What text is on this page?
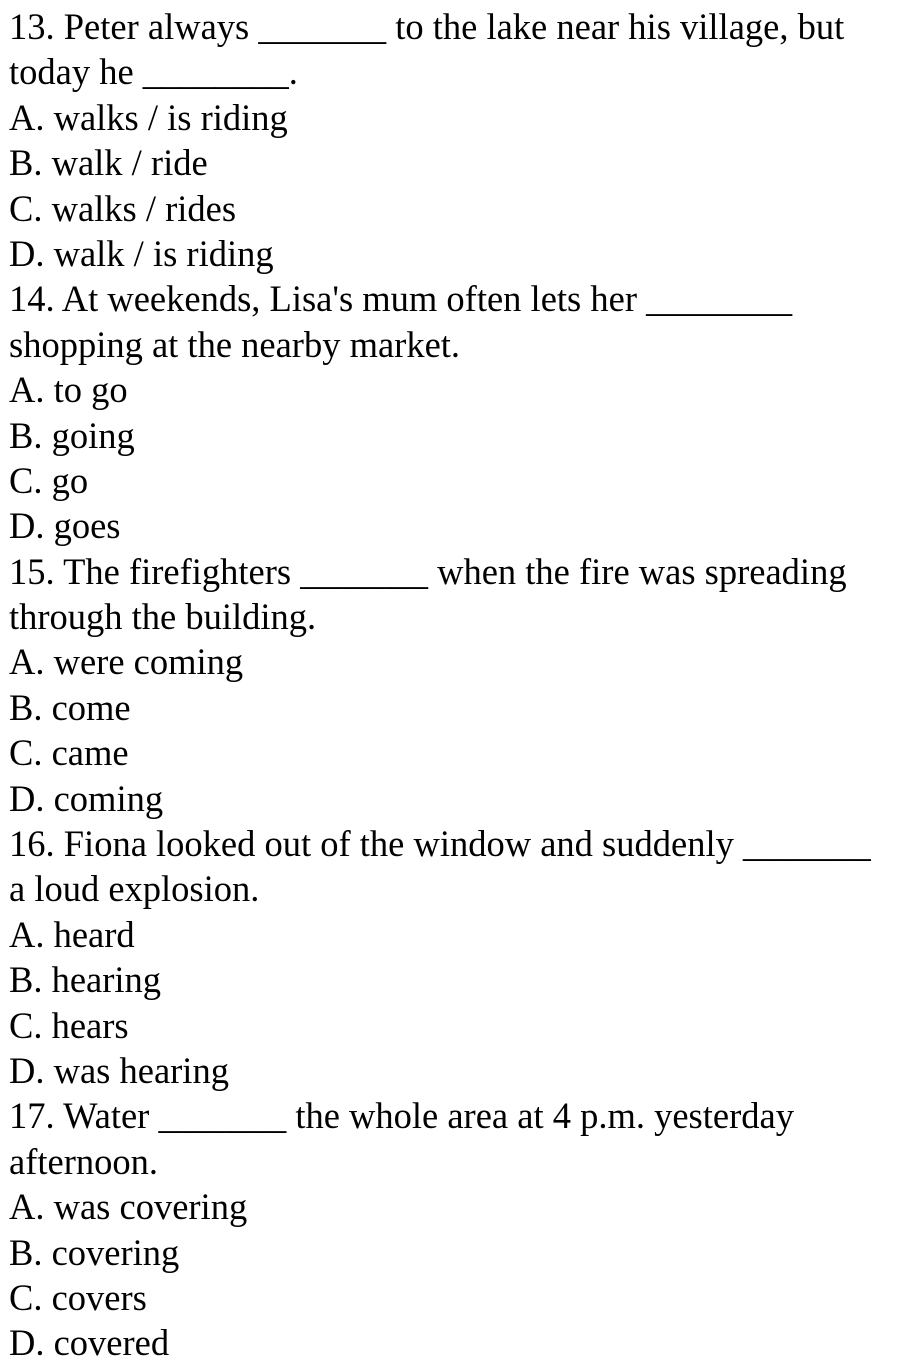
13. Peter always _______ to the lake near his village, but
today he ________.
A. walks / is riding
B. walk / ride
C. walks / rides
D. walk / is riding
14. At weekends, Lisa's mum often lets her ________
shopping at the nearby market.
A. to go
B. going
C. go
D. goes
15. The firefighters _______ when the fire was spreading
through the building.
A. were coming
B. come
C. came
D. coming
16. Fiona looked out of the window and suddenly _______
a loud explosion.
A. heard
B. hearing
C. hears
D. was hearing
17. Water _______ the whole area at 4 p.m. yesterday
afternoon.
A. was covering
B. covering
C. covers
D. covered
